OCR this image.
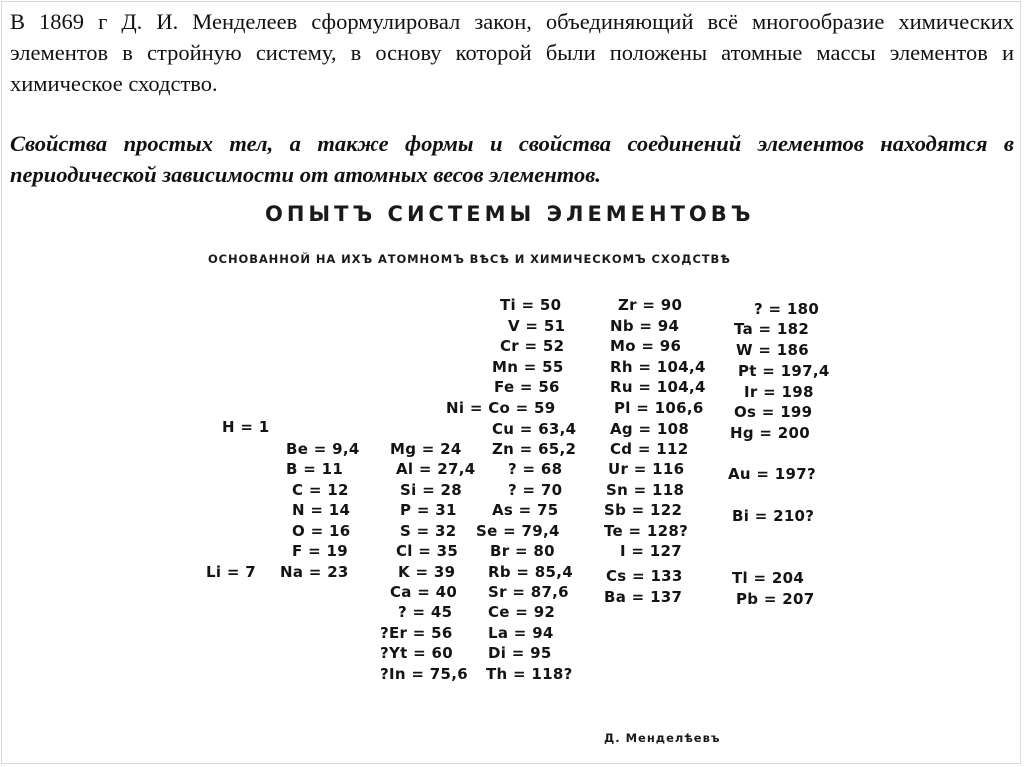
В 1869 г Д. И. Менделеев сформулировал закон, объединяющий всё многообразие химических элементов в стройную систему, в основу которой были положены атомные массы элементов и химическое сходство.

Свойства простых тел, а также формы и свойства соединений элементов находятся в периодической зависимости от атомных весов элементов.

ОПЫТЪ СИСТЕМЫ ЭЛЕМЕНТОВЪ
ОСНОВАННОЙ НА ИХЪ АТОМНОМЪ ВѢСѢ И ХИМИЧЕСКОМЪ СХОДСТВѢ
H = 1
Li = 7
Be = 9,4
B = 11
C = 12
N = 14
O = 16
F = 19
Na = 23
Mg = 24
Al = 27,4
Si = 28
P = 31
S = 32
Cl = 35
K = 39
Ca = 40
? = 45
?Er = 56
?Yt = 60
?In = 75,6
Ti = 50
V = 51
Cr = 52
Mn = 55
Fe = 56
Ni = Co = 59
Cu = 63,4
Zn = 65,2
? = 68
? = 70
As = 75
Se = 79,4
Br = 80
Rb = 85,4
Sr = 87,6
Ce = 92
La = 94
Di = 95
Th = 118?
Zr = 90
Nb = 94
Mo = 96
Rh = 104,4
Ru = 104,4
Pl = 106,6
Ag = 108
Cd = 112
Ur = 116
Sn = 118
Sb = 122
Te = 128?
I = 127
Cs = 133
Ba = 137
? = 180
Ta = 182
W = 186
Pt = 197,4
Ir = 198
Os = 199
Hg = 200
Au = 197?
Bi = 210?
Tl = 204
Pb = 207
Д. Менделѣевъ
